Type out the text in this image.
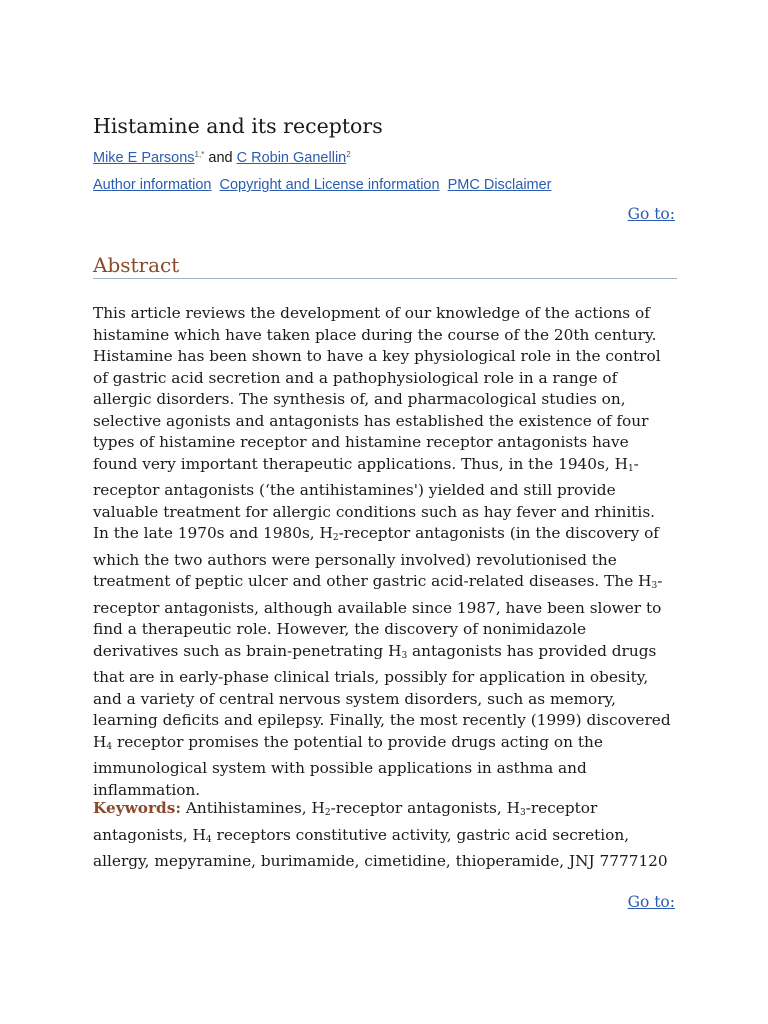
Histamine and its receptors
Mike E Parsons$^{1,*}$ and C Robin Ganellin$^2$
Author information Copyright and License information PMC Disclaimer
Go to:
Abstract

This article reviews the development of our knowledge of the actions of histamine which have taken place during the course of the 20th century. Histamine has been shown to have a key physiological role in the control of gastric acid secretion and a pathophysiological role in a range of allergic disorders. The synthesis of, and pharmacological studies on, selective agonists and antagonists has established the existence of four types of histamine receptor and histamine receptor antagonists have found very important therapeutic applications. Thus, in the 1940s, $H_1$-receptor antagonists (‘the antihistamines') yielded and still provide valuable treatment for allergic conditions such as hay fever and rhinitis. In the late 1970s and 1980s, $H_2$-receptor antagonists (in the discovery of which the two authors were personally involved) revolutionised the treatment of peptic ulcer and other gastric acid-related diseases. The $H_3$-receptor antagonists, although available since 1987, have been slower to find a therapeutic role. However, the discovery of nonimidazole derivatives such as brain-penetrating $H_3$ antagonists has provided drugs that are in early-phase clinical trials, possibly for application in obesity, and a variety of central nervous system disorders, such as memory, learning deficits and epilepsy. Finally, the most recently (1999) discovered $H_4$ receptor promises the potential to provide drugs acting on the immunological system with possible applications in asthma and inflammation.

Keywords: Antihistamines, $H_2$-receptor antagonists, $H_3$-receptor antagonists, $H_4$ receptors constitutive activity, gastric acid secretion, allergy, mepyramine, burimamide, cimetidine, thioperamide, JNJ 7777120

Go to:
